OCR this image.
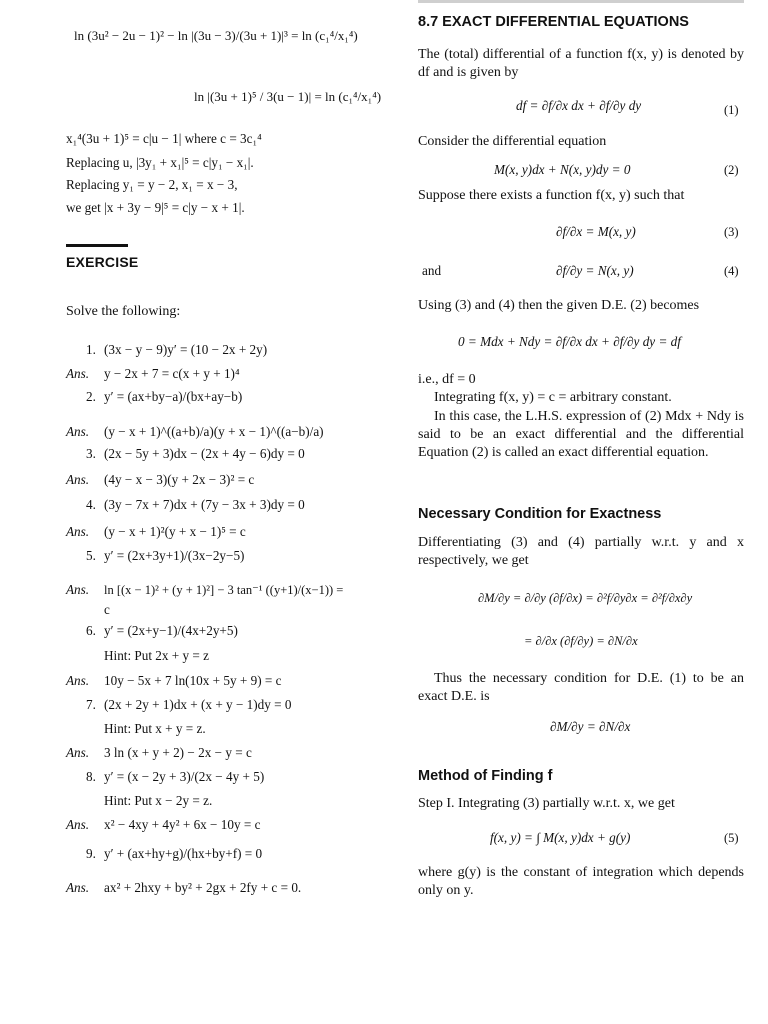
ln (3u² − 2u − 1)² − ln |(3u − 3)/(3u + 1)|³ = ln (c₁⁴/x₁⁴)
ln |(3u + 1)⁵ / 3(u − 1)| = ln (c₁⁴/x₁⁴)
x₁⁴(3u + 1)⁵ = c|u − 1| where c = 3c₁⁴
Replacing u, |3y₁ + x₁|⁵ = c|y₁ − x₁|.
Replacing y₁ = y − 2, x₁ = x − 3,
we get |x + 3y − 9|⁵ = c|y − x + 1|.
EXERCISE
Solve the following:
1. (3x − y − 9)y′ = (10 − 2x + 2y)
Ans. y − 2x + 7 = c(x + y + 1)⁴
2. y′ = (ax+by−a)/(bx+ay−b)
Ans. (y − x + 1)^((a+b)/a)(y + x − 1)^((a−b)/a)
3. (2x − 5y + 3)dx − (2x + 4y − 6)dy = 0
Ans. (4y − x − 3)(y + 2x − 3)² = c
4. (3y − 7x + 7)dx + (7y − 3x + 3)dy = 0
Ans. (y − x + 1)²(y + x − 1)⁵ = c
5. y′ = (2x+3y+1)/(3x−2y−5)
Ans. ln [(x − 1)² + (y + 1)²] − 3 tan⁻¹ ((y+1)/(x−1)) =
c
6. y′ = (2x+y−1)/(4x+2y+5)
Hint: Put 2x + y = z
Ans. 10y − 5x + 7 ln(10x + 5y + 9) = c
7. (2x + 2y + 1)dx + (x + y − 1)dy = 0
Hint: Put x + y = z.
Ans. 3 ln (x + y + 2) − 2x − y = c
8. y′ = (x − 2y + 3)/(2x − 4y + 5)
Hint: Put x − 2y = z.
Ans. x² − 4xy + 4y² + 6x − 10y = c
9. y′ + (ax+hy+g)/(hx+by+f) = 0
Ans. ax² + 2hxy + by² + 2gx + 2fy + c = 0.
8.7 EXACT DIFFERENTIAL EQUATIONS
The (total) differential of a function f(x, y) is denoted by df and is given by
df = ∂f/∂x dx + ∂f/∂y dy	(1)
Consider the differential equation
M(x, y)dx + N(x, y)dy = 0	(2)
Suppose there exists a function f(x, y) such that
∂f/∂x = M(x, y)	(3)
and	∂f/∂y = N(x, y)	(4)
Using (3) and (4) then the given D.E. (2) becomes
0 = Mdx + Ndy = ∂f/∂x dx + ∂f/∂y dy = df
i.e., df = 0
Integrating f(x, y) = c = arbitrary constant.
In this case, the L.H.S. expression of (2) Mdx + Ndy is said to be an exact differential and the differential Equation (2) is called an exact differential equation.
Necessary Condition for Exactness
Differentiating (3) and (4) partially w.r.t. y and x respectively, we get
∂M/∂y = ∂/∂y (∂f/∂x) = ∂²f/∂y∂x = ∂²f/∂x∂y
= ∂/∂x (∂f/∂y) = ∂N/∂x
Thus the necessary condition for D.E. (1) to be an exact D.E. is
∂M/∂y = ∂N/∂x
Method of Finding f
Step I. Integrating (3) partially w.r.t. x, we get
f(x, y) = ∫ M(x, y)dx + g(y)	(5)
where g(y) is the constant of integration which depends only on y.
